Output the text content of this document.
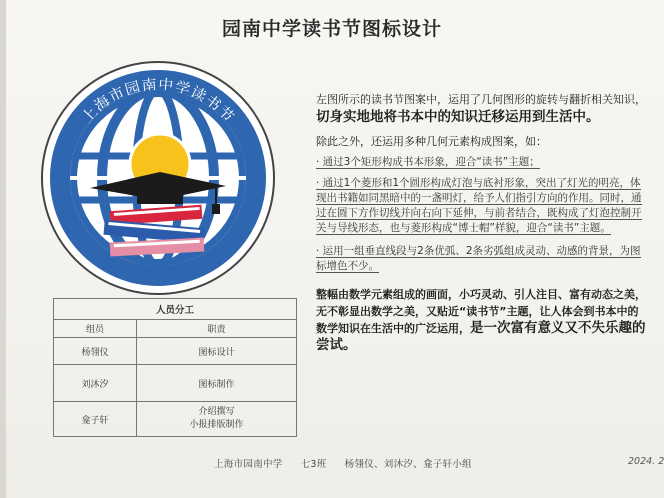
园南中学读书节图标设计
上海市园南中学读书节
左图所示的读书节图案中，运用了几何图形的旋转与翻折相关知识，切身实地地将书本中的知识迁移运用到生活中。
除此之外，还运用多种几何元素构成图案，如：
· 通过3个矩形构成书本形象，迎合“读书”主题；
· 通过1个菱形和1个圆形构成灯泡与底衬形象，突出了灯光的明亮，体现出书籍如同黑暗中的一盏明灯，给予人们指引方向的作用。同时，通过在圆下方作切线并向右向下延伸，与前者结合，既构成了灯泡控制开关与导线形态，也与菱形构成“博士帽”样貌，迎合“读书”主题。
· 运用一组垂直线段与2条优弧、2条劣弧组成灵动、动感的背景，为图标增色不少。
整幅由数学元素组成的画面，小巧灵动、引人注目、富有动态之美，无不彰显出数学之美，又贴近“读书节”主题，让人体会到书本中的数学知识在生活中的广泛运用，是一次富有意义又不失乐趣的尝试。
人员分工	
组员	职责
杨翎仪	图标设计
刘沐汐	图标制作
龛子轩	介绍撰写
小报排版制作
上海市园南中学 七3班 杨翎仪、刘沐汐、龛子轩小组	2024. 2
